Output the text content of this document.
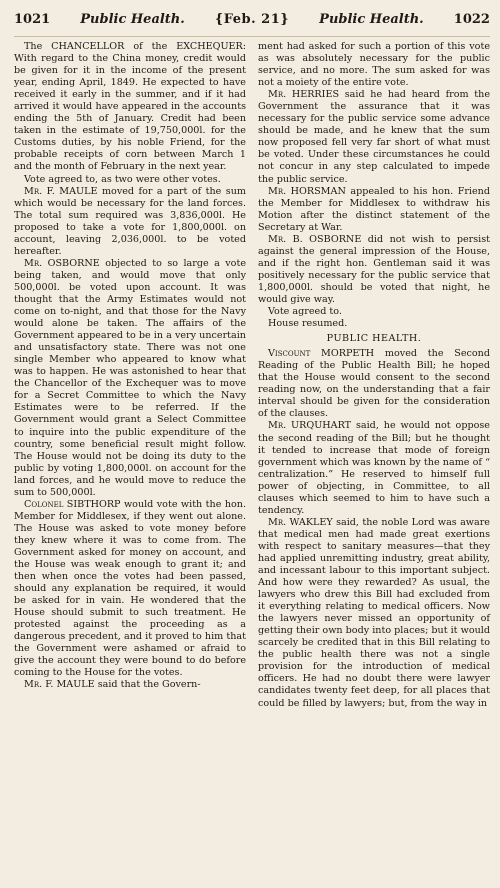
1021 Public Health. {Feb. 21} Public Health. 1022

The CHANCELLOR of the EXCHEQUER: With regard to the China money, credit would be given for it in the income of the present year, ending April, 1849. He expected to have received it early in the summer, and if it had arrived it would have appeared in the accounts ending the 5th of January. Credit had been taken in the estimate of 19,750,000l. for the Customs duties, by his noble Friend, for the probable receipts of corn between March 1 and the month of February in the next year.

Vote agreed to, as two were other votes.

Mr. F. MAULE moved for a part of the sum which would be necessary for the land forces. The total sum required was 3,836,000l. He proposed to take a vote for 1,800,000l. on account, leaving 2,036,000l. to be voted hereafter.

Mr. OSBORNE objected to so large a vote being taken, and would move that only 500,000l. be voted upon account. It was thought that the Army Estimates would not come on to-night, and that those for the Navy would alone be taken. The affairs of the Government appeared to be in a very uncertain and unsatisfactory state. There was not one single Member who appeared to know what was to happen. He was astonished to hear that the Chancellor of the Exchequer was to move for a Secret Committee to which the Navy Estimates were to be referred. If the Government would grant a Select Committee to inquire into the public expenditure of the country, some beneficial result might follow. The House would not be doing its duty to the public by voting 1,800,000l. on account for the land forces, and he would move to reduce the sum to 500,000l.

Colonel SIBTHORP would vote with the hon. Member for Middlesex, if they went out alone. The House was asked to vote money before they knew where it was to come from. The Government asked for money on account, and the House was weak enough to grant it; and then when once the votes had been passed, should any explanation be required, it would be asked for in vain. He wondered that the House should submit to such treatment. He protested against the proceeding as a dangerous precedent, and it proved to him that the Government were ashamed or afraid to give the account they were bound to do before coming to the House for the votes.

Mr. F. MAULE said that the Govern-

ment had asked for such a portion of this vote as was absolutely necessary for the public service, and no more. The sum asked for was not a moiety of the entire vote.

Mr. HERRIES said he had heard from the Government the assurance that it was necessary for the public service some advance should be made, and he knew that the sum now proposed fell very far short of what must be voted. Under these circumstances he could not concur in any step calculated to impede the public service.

Mr. HORSMAN appealed to his hon. Friend the Member for Middlesex to withdraw his Motion after the distinct statement of the Secretary at War.

Mr. B. OSBORNE did not wish to persist against the general impression of the House, and if the right hon. Gentleman said it was positively necessary for the public service that 1,800,000l. should be voted that night, he would give way.

Vote agreed to.

House resumed.

PUBLIC HEALTH.

Viscount MORPETH moved the Second Reading of the Public Health Bill; he hoped that the House would consent to the second reading now, on the understanding that a fair interval should be given for the consideration of the clauses.

Mr. URQUHART said, he would not oppose the second reading of the Bill; but he thought it tended to increase that mode of foreign government which was known by the name of “ centralization.” He reserved to himself full power of objecting, in Committee, to all clauses which seemed to him to have such a tendency.

Mr. WAKLEY said, the noble Lord was aware that medical men had made great exertions with respect to sanitary measures—that they had applied unremitting industry, great ability, and incessant labour to this important subject. And how were they rewarded? As usual, the lawyers who drew this Bill had excluded from it everything relating to medical officers. Now the lawyers never missed an opportunity of getting their own body into places; but it would scarcely be credited that in this Bill relating to the public health there was not a single provision for the introduction of medical officers. He had no doubt there were lawyer candidates twenty feet deep, for all places that could be filled by lawyers; but, from the way in
